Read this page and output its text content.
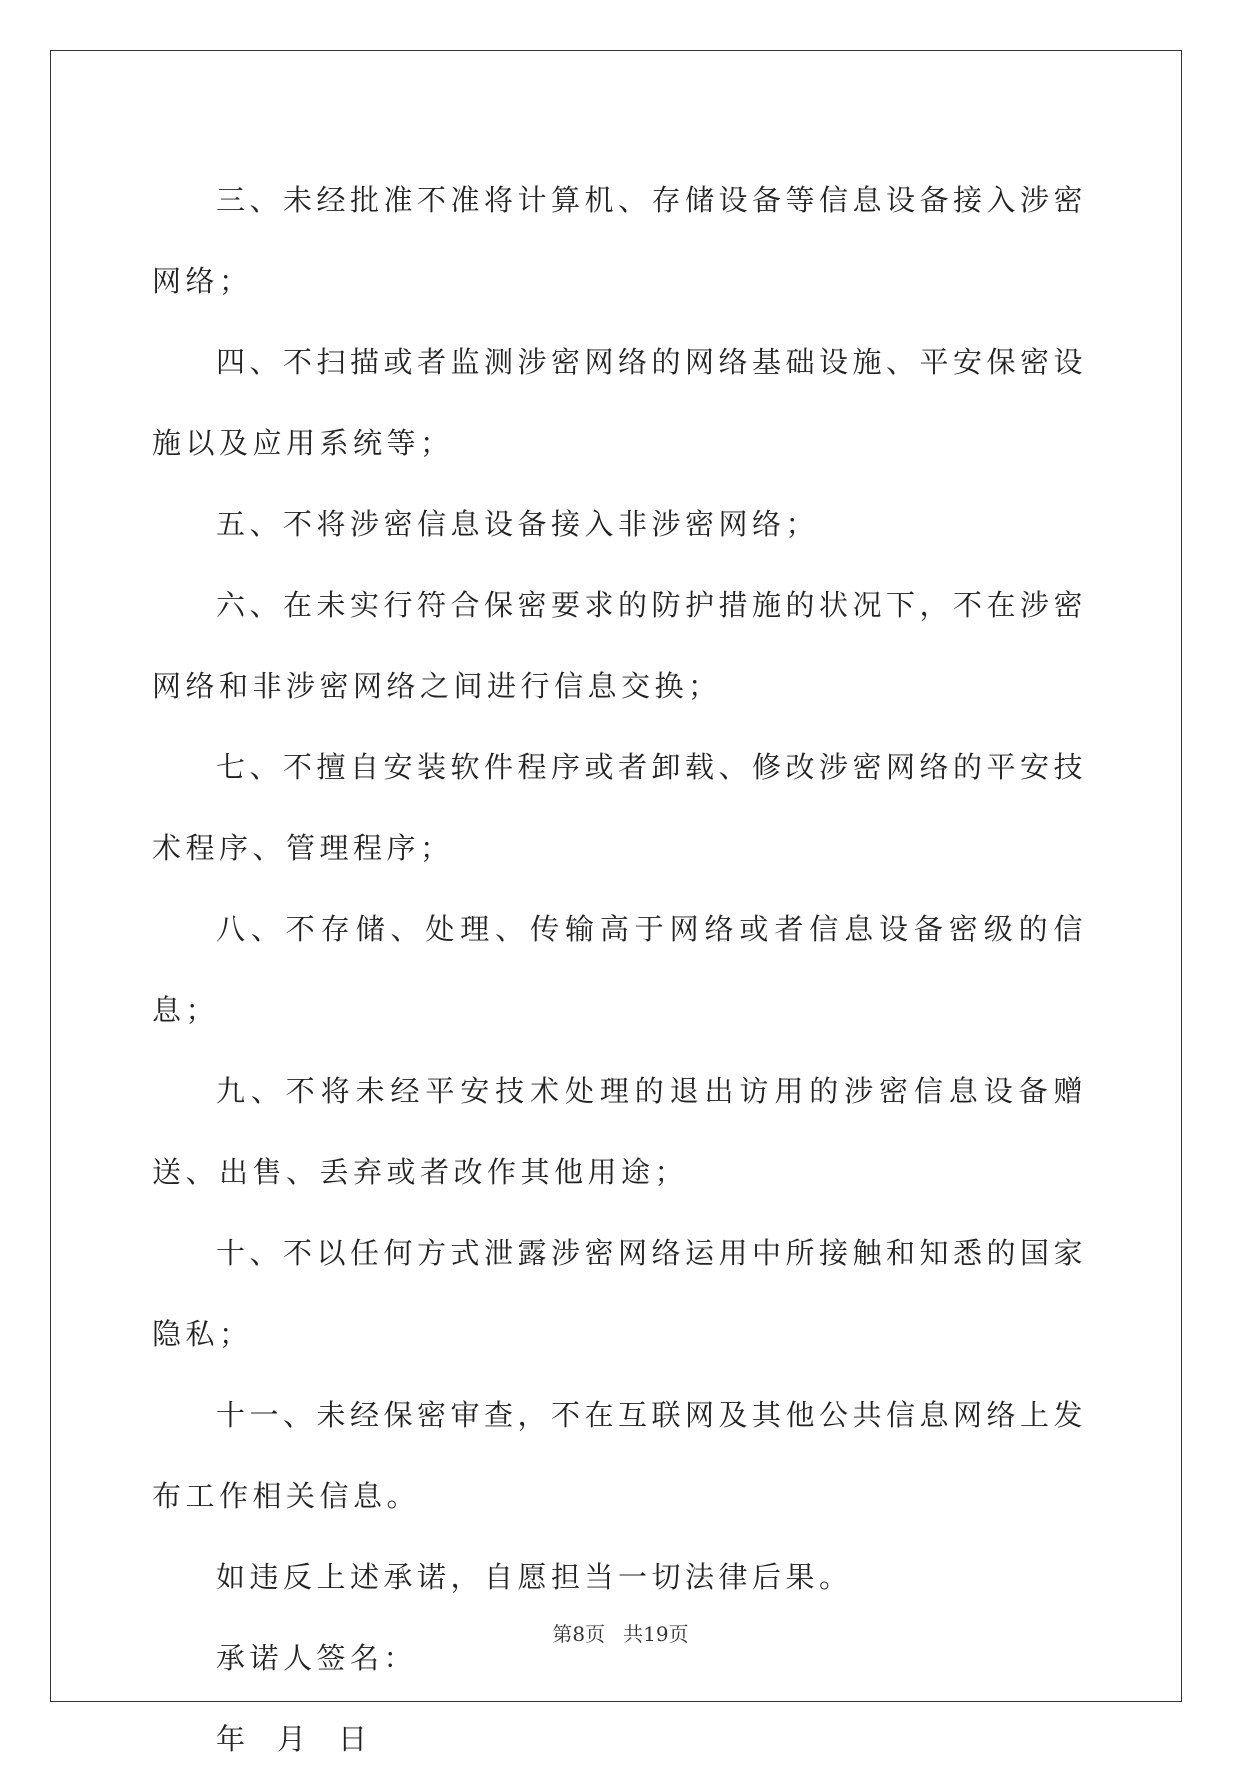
三、未经批准不准将计算机、存储设备等信息设备接入涉密网络；

四、不扫描或者监测涉密网络的网络基础设施、平安保密设施以及应用系统等；

五、不将涉密信息设备接入非涉密网络；

六、在未实行符合保密要求的防护措施的状况下，不在涉密网络和非涉密网络之间进行信息交换；

七、不擅自安装软件程序或者卸载、修改涉密网络的平安技术程序、管理程序；

八、不存储、处理、传输高于网络或者信息设备密级的信息；

九、不将未经平安技术处理的退出访用的涉密信息设备赠送、出售、丢弃或者改作其他用途；

十、不以任何方式泄露涉密网络运用中所接触和知悉的国家隐私；

十一、未经保密审查，不在互联网及其他公共信息网络上发布工作相关信息。

如违反上述承诺，自愿担当一切法律后果。

承诺人签名：

年 月 日

第8页 共19页
